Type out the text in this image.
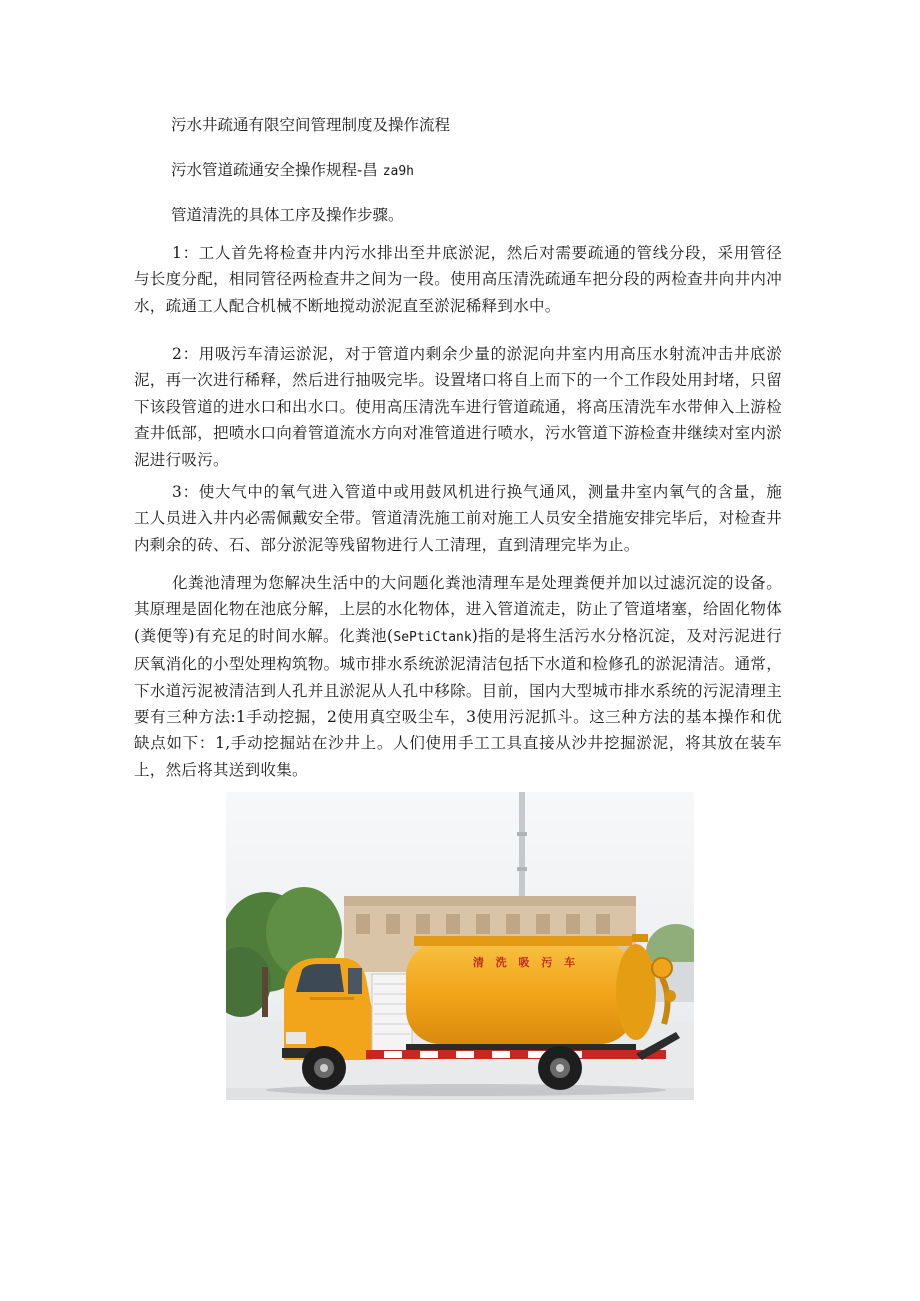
污水井疏通有限空间管理制度及操作流程
污水管道疏通安全操作规程-昌 za9h
管道清洗的具体工序及操作步骤。

1：工人首先将检查井内污水排出至井底淤泥，然后对需要疏通的管线分段，采用管径与长度分配，相同管径两检查井之间为一段。使用高压清洗疏通车把分段的两检查井向井内冲水，疏通工人配合机械不断地搅动淤泥直至淤泥稀释到水中。

2：用吸污车清运淤泥，对于管道内剩余少量的淤泥向井室内用高压水射流冲击井底淤泥，再一次进行稀释，然后进行抽吸完毕。设置堵口将自上而下的一个工作段处用封堵，只留下该段管道的进水口和出水口。使用高压清洗车进行管道疏通，将高压清洗车水带伸入上游检查井低部，把喷水口向着管道流水方向对准管道进行喷水，污水管道下游检查井继续对室内淤泥进行吸污。

3：使大气中的氧气进入管道中或用鼓风机进行换气通风，测量井室内氧气的含量，施工人员进入井内必需佩戴安全带。管道清洗施工前对施工人员安全措施安排完毕后，对检查井内剩余的砖、石、部分淤泥等残留物进行人工清理，直到清理完毕为止。

化粪池清理为您解决生活中的大问题化粪池清理车是处理粪便并加以过滤沉淀的设备。其原理是固化物在池底分解，上层的水化物体，进入管道流走，防止了管道堵塞，给固化物体(粪便等)有充足的时间水解。化粪池(SePtiCtank)指的是将生活污水分格沉淀，及对污泥进行厌氧消化的小型处理构筑物。城市排水系统淤泥清洁包括下水道和检修孔的淤泥清洁。通常，下水道污泥被清洁到人孔并且淤泥从人孔中移除。目前，国内大型城市排水系统的污泥清理主要有三种方法:1手动挖掘，2使用真空吸尘车，3使用污泥抓斗。这三种方法的基本操作和优缺点如下：1,手动挖掘站在沙井上。人们使用手工工具直接从沙井挖掘淤泥，将其放在装车上，然后将其送到收集。

清 洗 吸 污 车
